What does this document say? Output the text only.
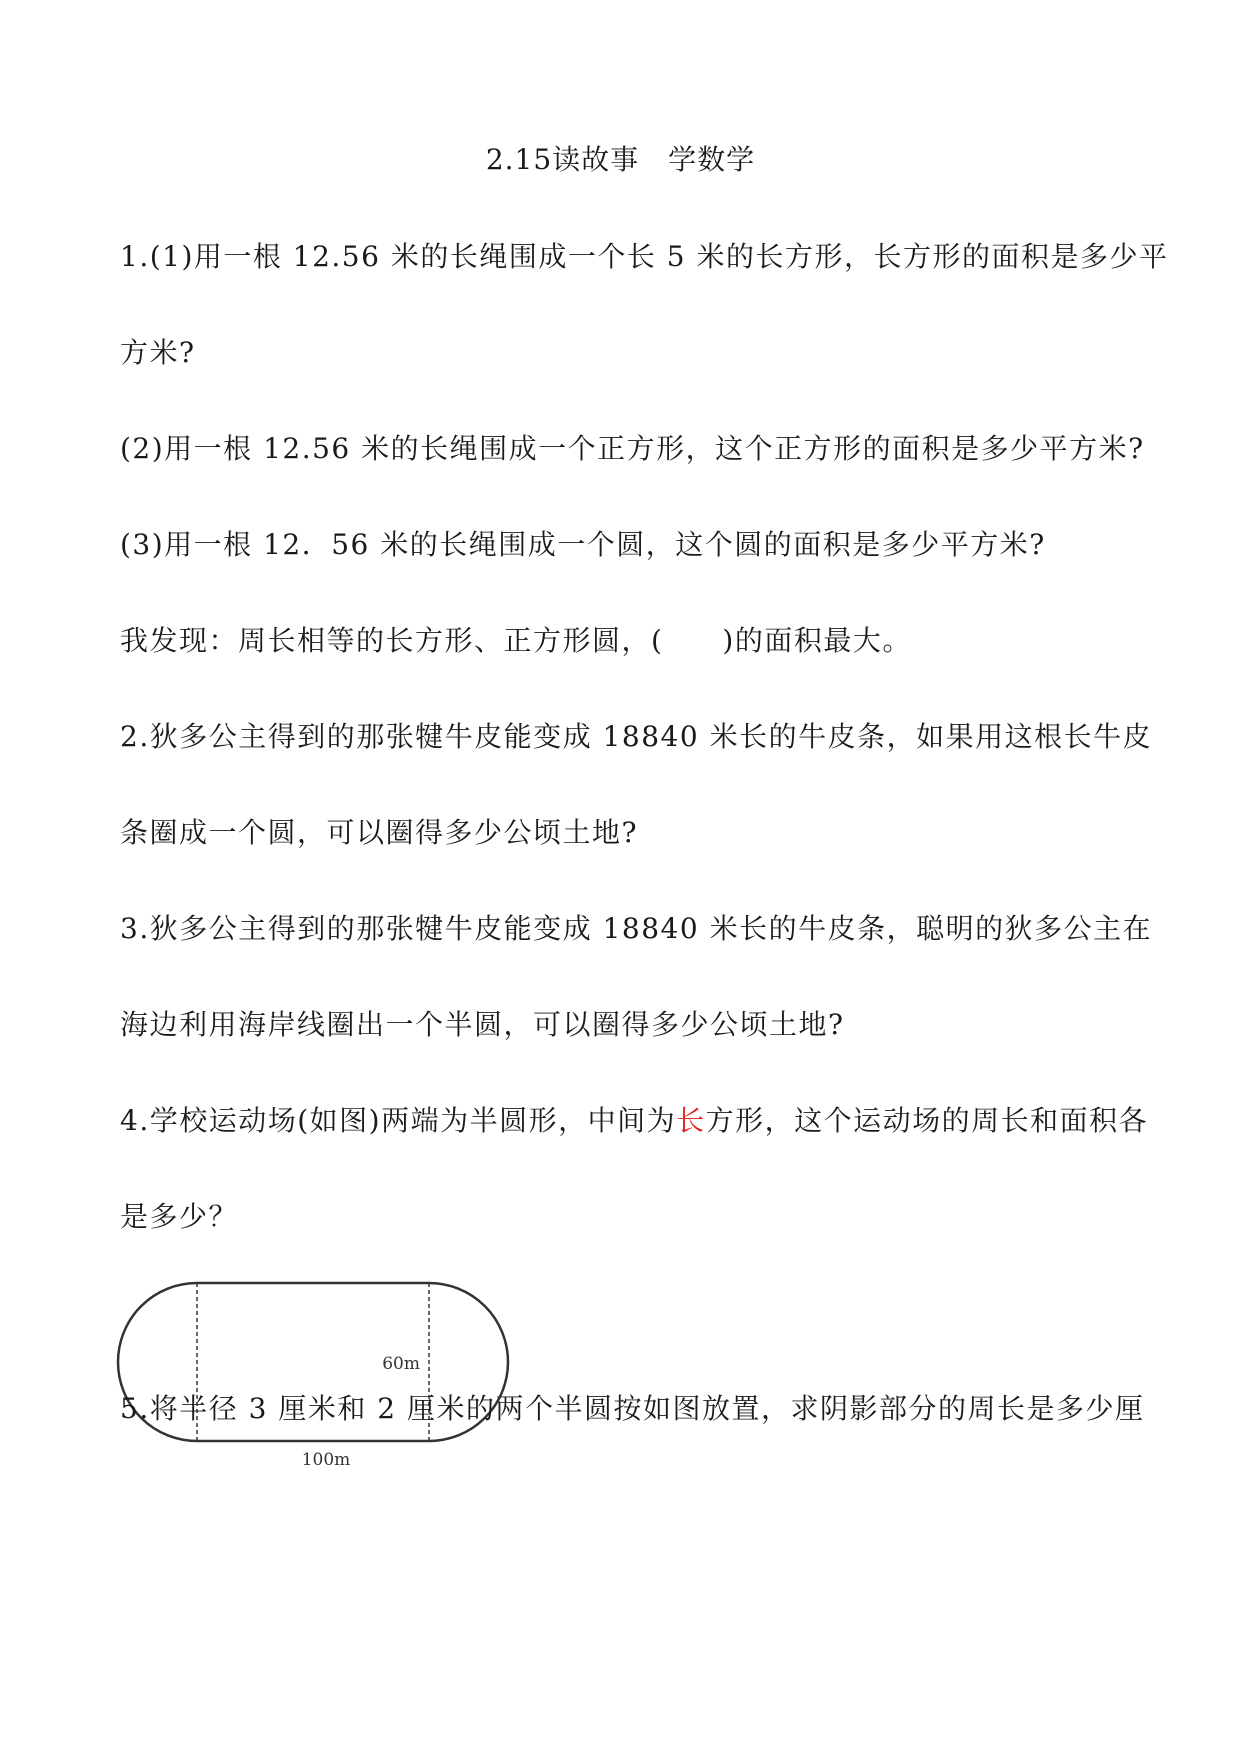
2.15读故事　学数学
1.(1)用一根 12.56 米的长绳围成一个长 5 米的长方形，长方形的面积是多少平
方米?
(2)用一根 12.56 米的长绳围成一个正方形，这个正方形的面积是多少平方米?
(3)用一根 12．56 米的长绳围成一个圆，这个圆的面积是多少平方米?
我发现：周长相等的长方形、正方形圆，(　　)的面积最大。
2.狄多公主得到的那张犍牛皮能变成 18840 米长的牛皮条，如果用这根长牛皮
条圈成一个圆，可以圈得多少公顷土地?
3.狄多公主得到的那张犍牛皮能变成 18840 米长的牛皮条，聪明的狄多公主在
海边利用海岸线圈出一个半圆，可以圈得多少公顷土地?
4.学校运动场(如图)两端为半圆形，中间为长方形，这个运动场的周长和面积各
是多少？
60m
100m
5.将半径 3 厘米和 2 厘米的两个半圆按如图放置，求阴影部分的周长是多少厘
